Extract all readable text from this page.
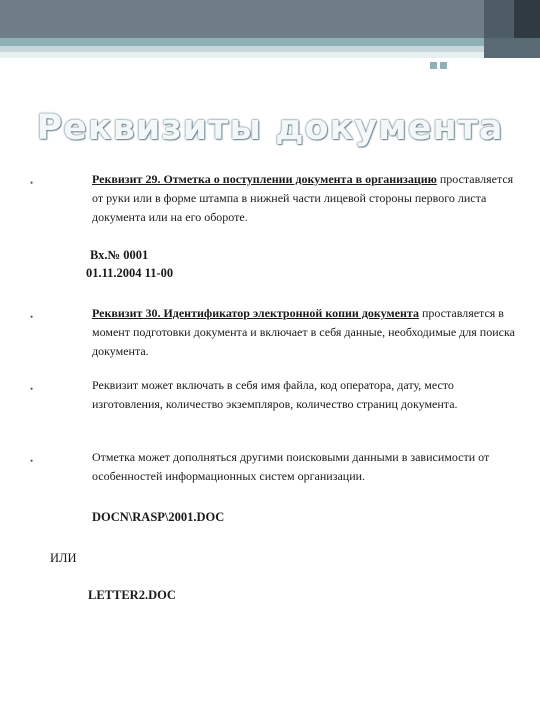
Реквизиты документа
•	Реквизит 29. Отметка о поступлении документа в организацию проставляется от руки или в форме штампа в нижней части лицевой стороны первого листа документа или на его обороте.
Вх.№ 0001
01.11.2004 11-00
•	Реквизит 30. Идентификатор электронной копии документа проставляется в момент подготовки документа и включает в себя данные, необходимые для поиска документа.
•	Реквизит может включать в себя имя файла, код оператора, дату, место изготовления, количество экземпляров, количество страниц документа.
•	Отметка может дополняться другими поисковыми данными в зависимости от особенностей информационных систем организации.
DOCN\RASP\2001.DOC
ИЛИ
LETTER2.DOC
